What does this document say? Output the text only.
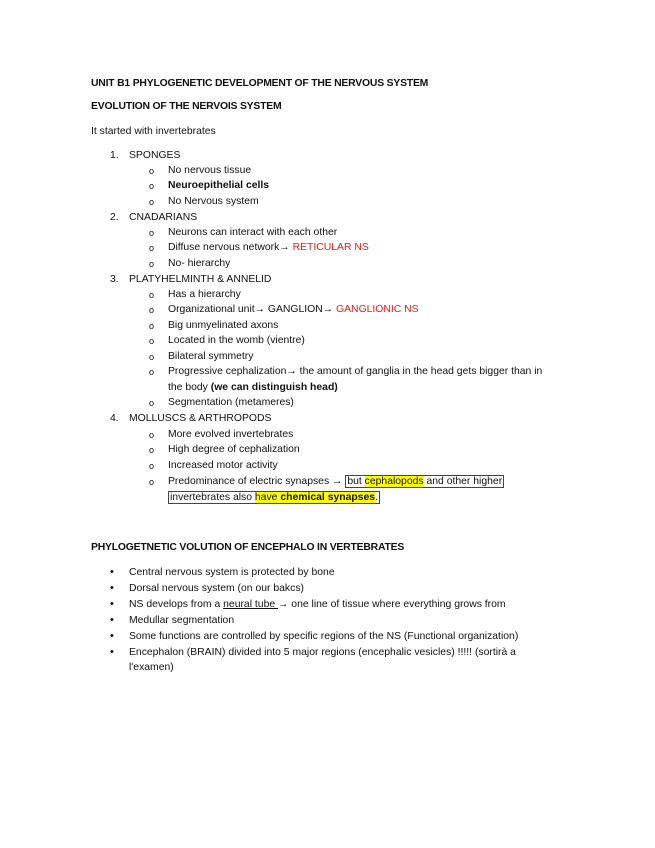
UNIT B1 PHYLOGENETIC DEVELOPMENT OF THE NERVOUS SYSTEM
EVOLUTION OF THE NERVOIS SYSTEM
It started with invertebrates
1. SPONGES
o No nervous tissue
o Neuroepithelial cells
o No Nervous system
2. CNADARIANS
o Neurons can interact with each other
o Diffuse nervous network→ RETICULAR NS
o No- hierarchy
3. PLATYHELMINTH & ANNELID
o Has a hierarchy
o Organizational unit→ GANGLION→ GANGLIONIC NS
o Big unmyelinated axons
o Located in the womb (vientre)
o Bilateral symmetry
o Progressive cephalization→ the amount of ganglia in the head gets bigger than in
the body (we can distinguish head)
o Segmentation (metameres)
4. MOLLUSCS & ARTHROPODS
o More evolved invertebrates
o High degree of cephalization
o Increased motor activity
o Predominance of electric synapses → but cephalopods and other higher
invertebrates also have chemical synapses.
PHYLOGETNETIC VOLUTION OF ENCEPHALO IN VERTEBRATES
• Central nervous system is protected by bone
• Dorsal nervous system (on our bakcs)
• NS develops from a neural tube → one line of tissue where everything grows from
• Medullar segmentation
• Some functions are controlled by specific regions of the NS (Functional organization)
• Encephalon (BRAIN) divided into 5 major regions (encephalic vesicles) !!!!! (sortirà a
l'examen)
